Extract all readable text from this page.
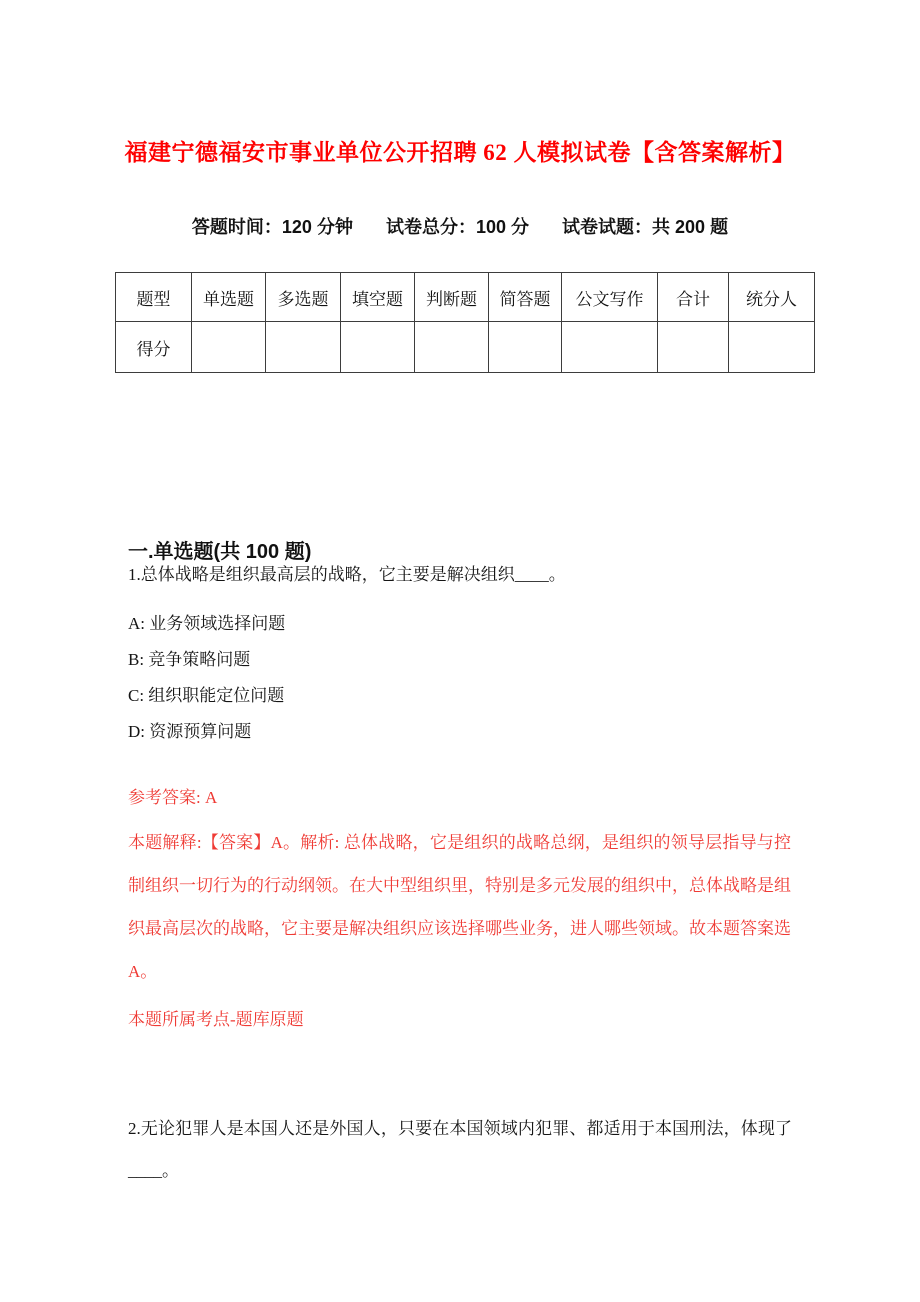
福建宁德福安市事业单位公开招聘 62 人模拟试卷【含答案解析】
答题时间：120 分钟 试卷总分：100 分 试卷试题：共 200 题
题型	单选题	多选题	填空题	判断题	简答题	公文写作	合计	统分人
得分								
一.单选题(共 100 题)
1.总体战略是组织最高层的战略，它主要是解决组织____。
A: 业务领域选择问题
B: 竞争策略问题
C: 组织职能定位问题
D: 资源预算问题
参考答案: A
本题解释:【答案】A。解析: 总体战略，它是组织的战略总纲，是组织的领导层指导与控制组织一切行为的行动纲领。在大中型组织里，特别是多元发展的组织中，总体战略是组织最高层次的战略，它主要是解决组织应该选择哪些业务，进人哪些领域。故本题答案选 A。
本题所属考点-题库原题
2.无论犯罪人是本国人还是外国人，只要在本国领域内犯罪、都适用于本国刑法，体现了____。
